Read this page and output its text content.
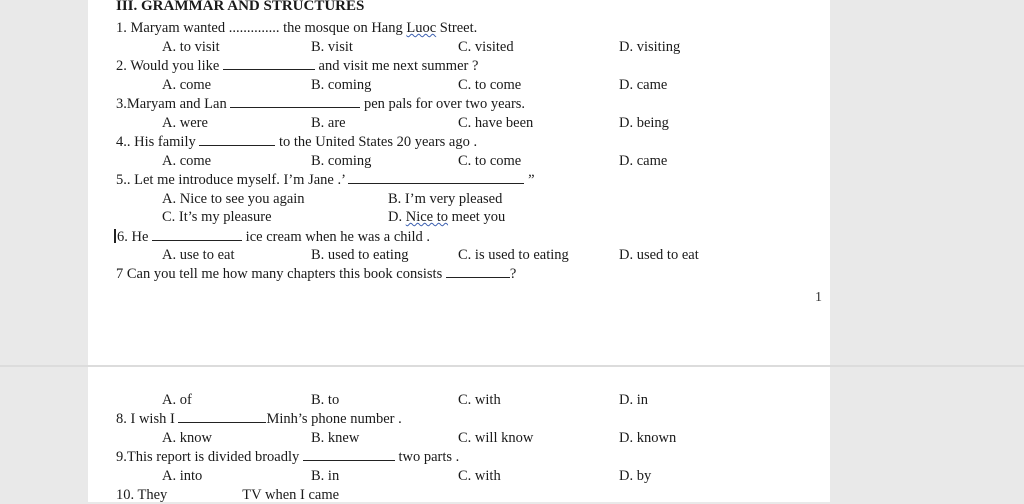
III. GRAMMAR AND STRUCTURES
1. Maryam wanted .............. the mosque on Hang Luoc Street.
A. to visit	B. visit	C. visited	D. visiting
2. Would you like	and visit me next summer ?
A. come	B. coming	C. to come	D. came
3.Maryam and Lan	pen pals for over two years.
A. were	B. are	C. have been	D. being
4.. His family	to the United States 20 years ago .
A. come	B. coming	C. to come	D. came
5.. Let me introduce myself. I’m Jane .’	”
A. Nice to see you again	B. I’m very pleased
C. It’s my pleasure	D. Nice to meet you
6. He	ice cream when he was a child .
A. use to eat	B. used to eating	C. is used to eating	D. used to eat
7 Can you tell me how many chapters this book consists	?
1
A. of	B. to	C. with	D. in
8. I wish I	Minh’s phone number .
A. know	B. knew	C. will know	D. known
9.This report is divided broadly	two parts .
A. into	B. in	C. with	D. by
10. They	TV when I came
